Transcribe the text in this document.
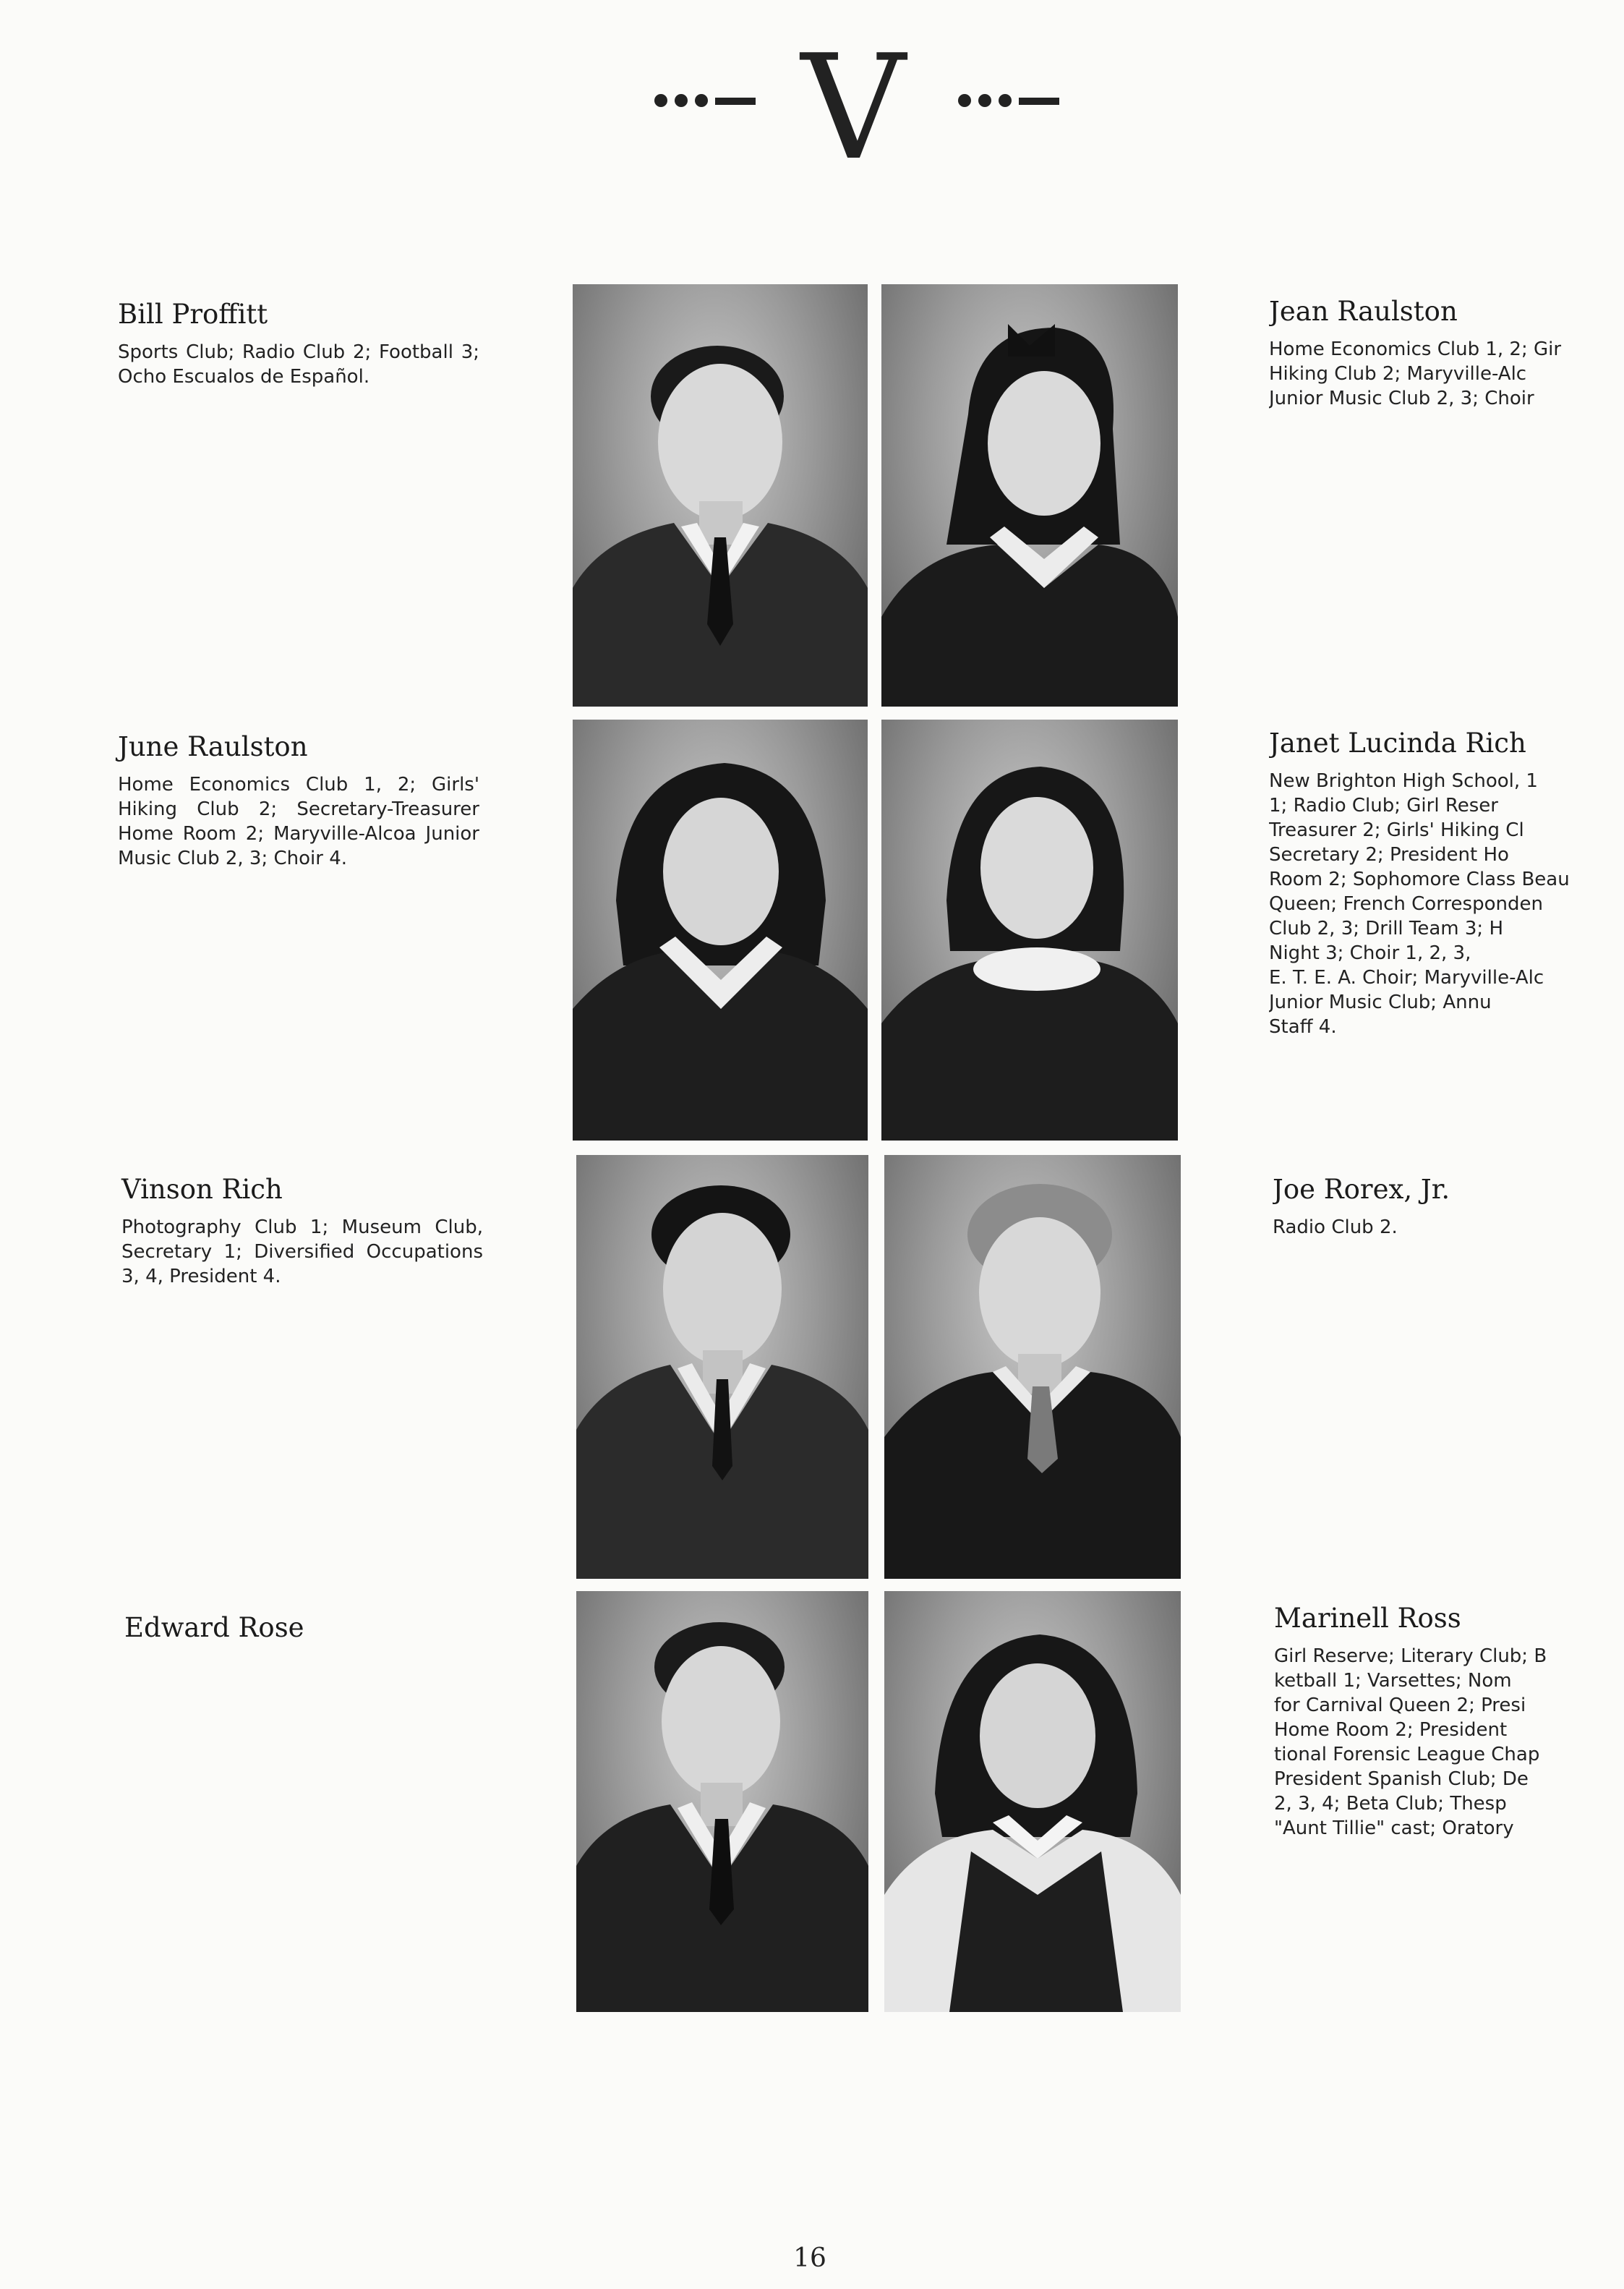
V
Bill Proffitt
Sports Club; Radio Club 2; Football 3; Ocho Escualos de Español.
June Raulston
Home Economics Club 1, 2; Girls' Hiking Club 2; Secretary-Treasurer Home Room 2; Maryville-Alcoa Junior Music Club 2, 3; Choir 4.
Vinson Rich
Photography Club 1; Museum Club, Secretary 1; Diversified Occupations 3, 4, President 4.
Edward Rose
Jean Raulston
Home Economics Club 1, 2; Gir
Hiking Club 2; Maryville-Alc
Junior Music Club 2, 3; Choir
Janet Lucinda Rich
New Brighton High School, 1
1; Radio Club; Girl Reser
Treasurer 2; Girls' Hiking Cl
Secretary 2; President Ho
Room 2; Sophomore Class Beau
Queen; French Corresponden
Club 2, 3; Drill Team 3; H
Night 3; Choir 1, 2, 3,
E. T. E. A. Choir; Maryville-Alc
Junior Music Club; Annu
Staff 4.
Joe Rorex, Jr.
Radio Club 2.
Marinell Ross
Girl Reserve; Literary Club; B
ketball 1; Varsettes; Nom
for Carnival Queen 2; Presi
Home Room 2; President
tional Forensic League Chap
President Spanish Club; De
2, 3, 4; Beta Club; Thesp
"Aunt Tillie" cast; Oratory
16
